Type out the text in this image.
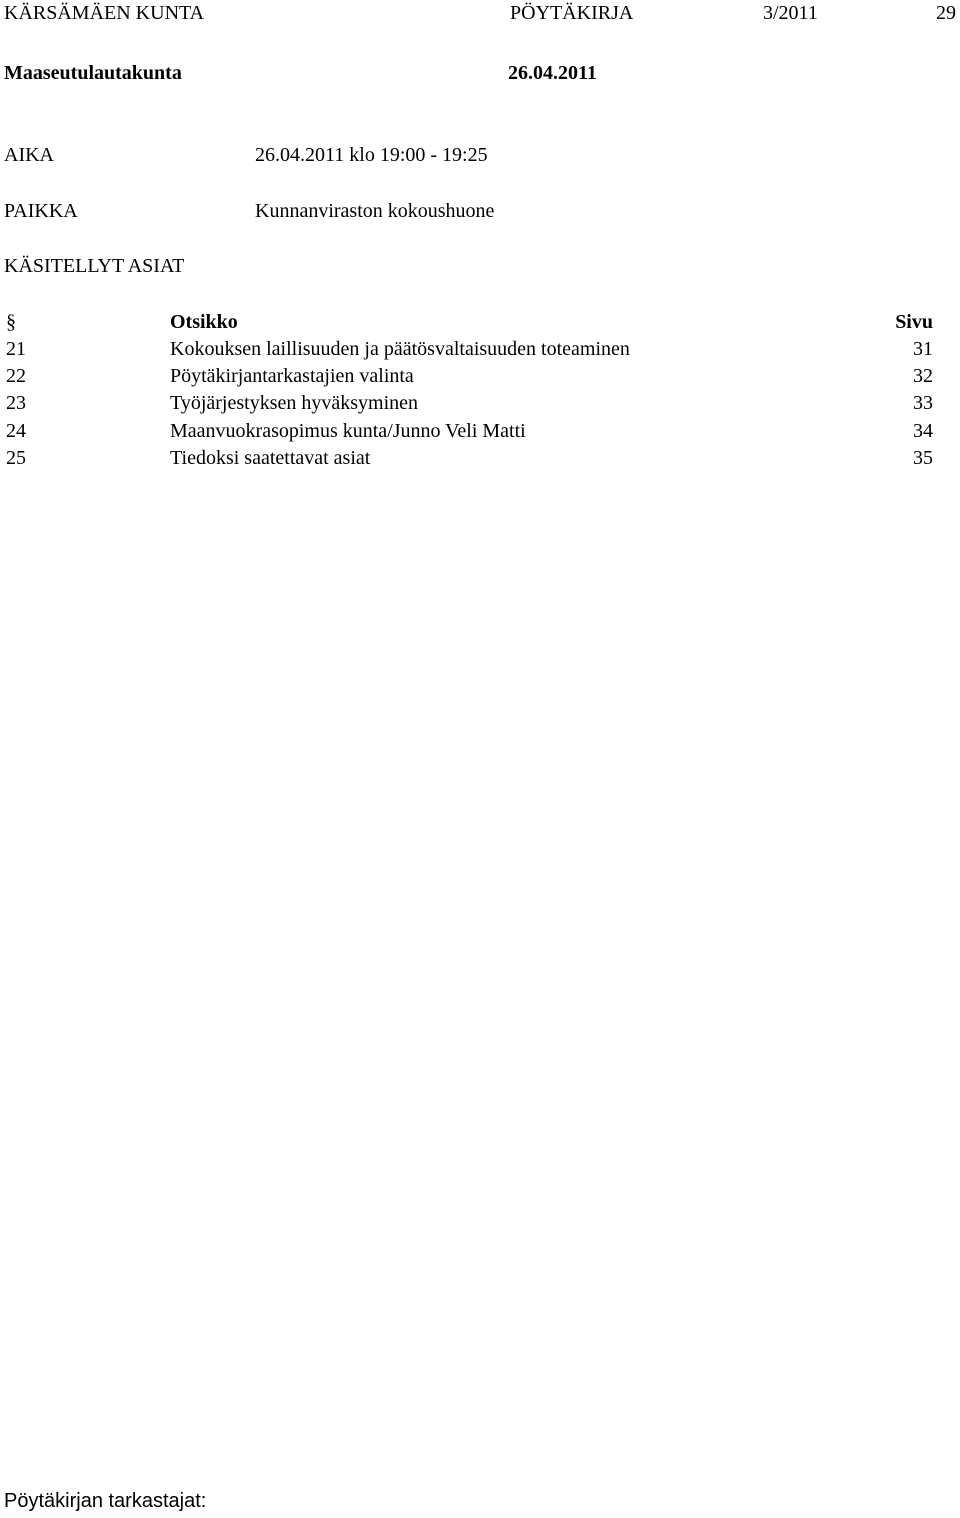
KÄRSÄMÄEN KUNTA	PÖYTÄKIRJA	3/2011	29
Maaseutulautakunta	26.04.2011
AIKA	26.04.2011 klo 19:00 - 19:25
PAIKKA	Kunnanviraston kokoushuone
KÄSITELLYT ASIAT
§	Otsikko	Sivu
21	Kokouksen laillisuuden ja päätösvaltaisuuden toteaminen	31
22	Pöytäkirjantarkastajien valinta	32
23	Työjärjestyksen hyväksyminen	33
24	Maanvuokrasopimus kunta/Junno Veli Matti	34
25	Tiedoksi saatettavat asiat	35
Pöytäkirjan tarkastajat:
